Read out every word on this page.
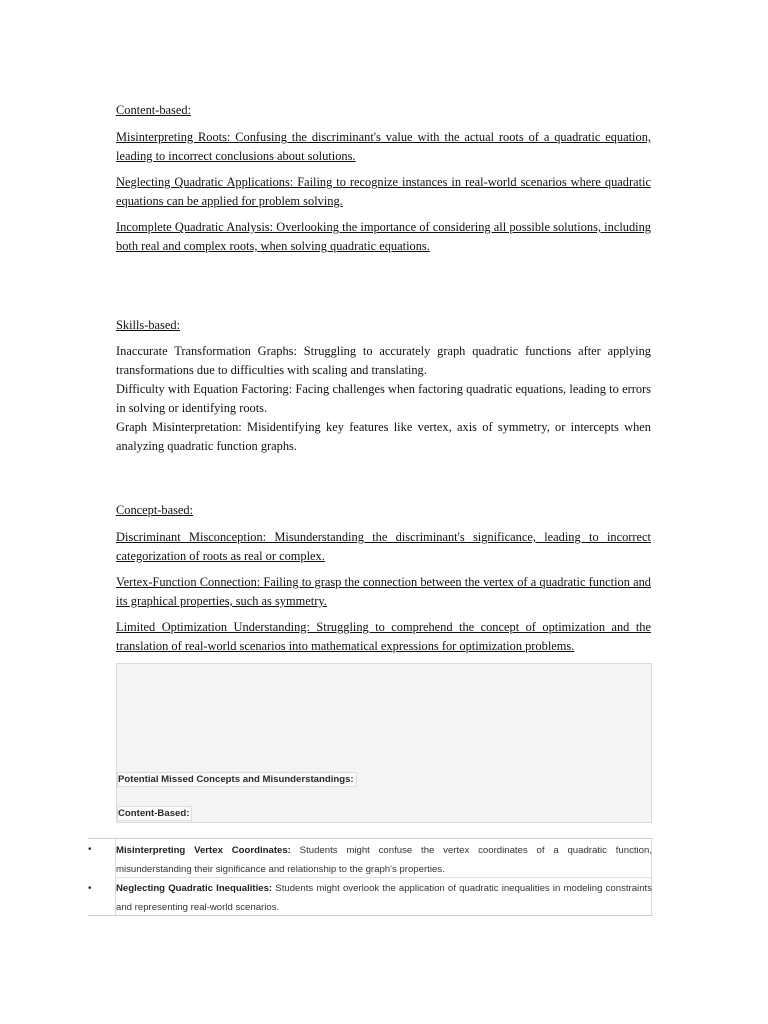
Content-based:

Misinterpreting Roots: Confusing the discriminant's value with the actual roots of a quadratic equation, leading to incorrect conclusions about solutions.

Neglecting Quadratic Applications: Failing to recognize instances in real-world scenarios where quadratic equations can be applied for problem solving.

Incomplete Quadratic Analysis: Overlooking the importance of considering all possible solutions, including both real and complex roots, when solving quadratic equations.

Skills-based:

Inaccurate Transformation Graphs: Struggling to accurately graph quadratic functions after applying transformations due to difficulties with scaling and translating.

Difficulty with Equation Factoring: Facing challenges when factoring quadratic equations, leading to errors in solving or identifying roots.

Graph Misinterpretation: Misidentifying key features like vertex, axis of symmetry, or intercepts when analyzing quadratic function graphs.

Concept-based:

Discriminant Misconception: Misunderstanding the discriminant's significance, leading to incorrect categorization of roots as real or complex.

Vertex-Function Connection: Failing to grasp the connection between the vertex of a quadratic function and its graphical properties, such as symmetry.

Limited Optimization Understanding: Struggling to comprehend the concept of optimization and the translation of real-world scenarios into mathematical expressions for optimization problems.

Potential Missed Concepts and Misunderstandings:
Content-Based:
•	Misinterpreting Vertex Coordinates: Students might confuse the vertex coordinates of a quadratic function, misunderstanding their significance and relationship to the graph's properties.
•	Neglecting Quadratic Inequalities: Students might overlook the application of quadratic inequalities in modeling constraints and representing real-world scenarios.
